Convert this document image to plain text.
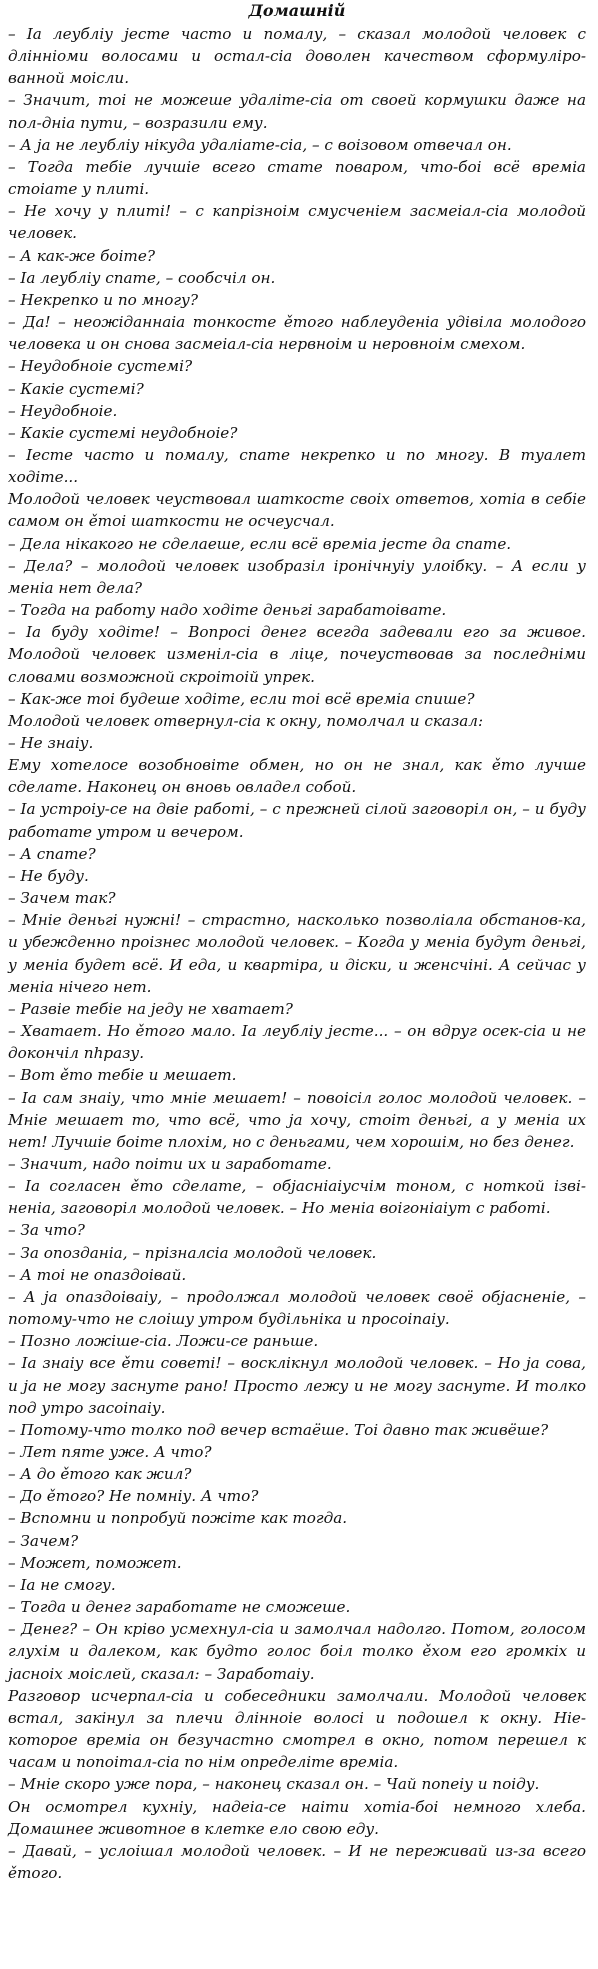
Домашній
– Іа леубліу jесте часто и помалу, – сказал молодой человек с длінніоми волосами и остал-сіа доволен качеством сформуліро-ванной моісли.
– Значит, тоі не можеше удаліте-сіа от своей кормушки даже на пол-дніа пути, – возразили ему.
– А jа не леубліу нікуда удаліате-сіа, – с воізовом отвечал он.
– Тогда тебіе лучшіе всего стате поваром, что-боі всё времіа стоіате у плиті.
– Не хочу у плиті! – с капрізноім смусченіем засмеіал-сіа молодой человек.
– А как-же боіте?
– Іа леубліу спате, – сообсчіл он.
– Некрепко и по многу?
– Да! – неожіданнаіа тонкосте ěтого наблеуденіа удівіла молодого человека и он снова засмеіал-сіа нервноім и неровноім смехом.
– Неудобноіе сустемі?
– Какіе сустемі?
– Неудобноіе.
– Какіе сустемі неудобноіе?
– Іесте часто и помалу, спате некрепко и по многу. В туалет ходіте...
Молодой человек чеуствовал шаткосте своіх ответов, хотіа в себіе самом он ěтоі шаткости не осчеусчал.
– Дела нікакого не сделаеше, если всё времіа jесте да спате.
– Дела? – молодой человек изобразіл іронічнуіу улоібку. – А если у меніа нет дела?
– Тогда на работу надо ходіте деньгі зарабатоівате.
– Іа буду ходіте! – Вопросі денег всегда задевали его за живое. Молодой человек изменіл-сіа в ліце, почеуствовав за последніми словами возможной скроітоій упрек.
– Как-же тоі будеше ходіте, если тоі всё времіа спише?
Молодой человек отвернул-сіа к окну, помолчал и сказал:
– Не знаіу.
Ему хотелосе возобновіте обмен, но он не знал, как ěто лучше сделате. Наконец он вновь овладел собой.
– Іа устроіу-се на двіе работі, – с прежней сілой заговоріл он, – и буду работате утром и вечером.
– А спате?
– Не буду.
– Зачем так?
– Мніе деньгі нужні! – страстно, насколько позволіала обстанов-ка, и убежденно проізнес молодой человек. – Когда у меніа будут деньгі, у меніа будет всё. И еда, и квартіра, и діски, и женсчіні. А сейчас у меніа нічего нет.
– Развіе тебіе на jеду не хватает?
– Хватает. Но ěтого мало. Іа леубліу jесте... – он вдруг осек-сіа и не докончіл пhразу.
– Вот ěто тебіе и мешает.
– Іа сам знаіу, что мніе мешает! – повоісіл голос молодой человек. – Мніе мешает то, что всё, что jа хочу, стоіт деньгі, а у меніа их нет! Лучшіе боіте плохім, но с деньгами, чем хорошім, но без денег.
– Значит, надо поіти их и заработате.
– Іа согласен ěто сделате, – обjасніаіусчім тоном, с ноткой ізві-неніа, заговоріл молодой человек. – Но меніа воігоніаіут с работі.
– За что?
– За опозданіа, – прізналсіа молодой человек.
– А тоі не опаздоівай.
– А jа опаздоіваіу, – продолжал молодой человек своё обjасненіе, – потому-что не слоішу утром будільніка и просоіпаіу.
– Позно ложіше-сіа. Ложи-се раньше.
– Іа знаіу все ěти советі! – восклікнул молодой человек. – Но jа сова, и jа не могу заснуте рано! Просто лежу и не могу заснуте. И толко под утро засоіпаіу.
– Потому-что толко под вечер встаёше. Тоі давно так живёше?
– Лет пяте уже. А что?
– А до ěтого как жил?
– До ěтого? Не помніу. А что?
– Вспомни и попробуй пожіте как тогда.
– Зачем?
– Может, поможет.
– Іа не смогу.
– Тогда и денег заработате не сможеше.
– Денег? – Он кріво усмехнул-сіа и замолчал надолго. Потом, голосом глухім и далеком, как будто голос боіл толко ěхом его громкіх и jасноіх моіслей, сказал: – Заработаіу.
Разговор исчерпал-сіа и собеседники замолчали. Молодой человек встал, закінул за плечи длінноіе волосі и подошел к окну. Ніе-которое времіа он безучастно смотрел в окно, потом перешел к часам и попоітал-сіа по нім определіте времіа.
– Мніе скоро уже пора, – наконец сказал он. – Чай попеіу и поіду.
Он осмотрел кухніу, надеіа-се наіти хотіа-боі немного хлеба. Домашнее животное в клетке ело свою еду.
– Давай, – услоішал молодой человек. – И не переживай из-за всего ěтого.
